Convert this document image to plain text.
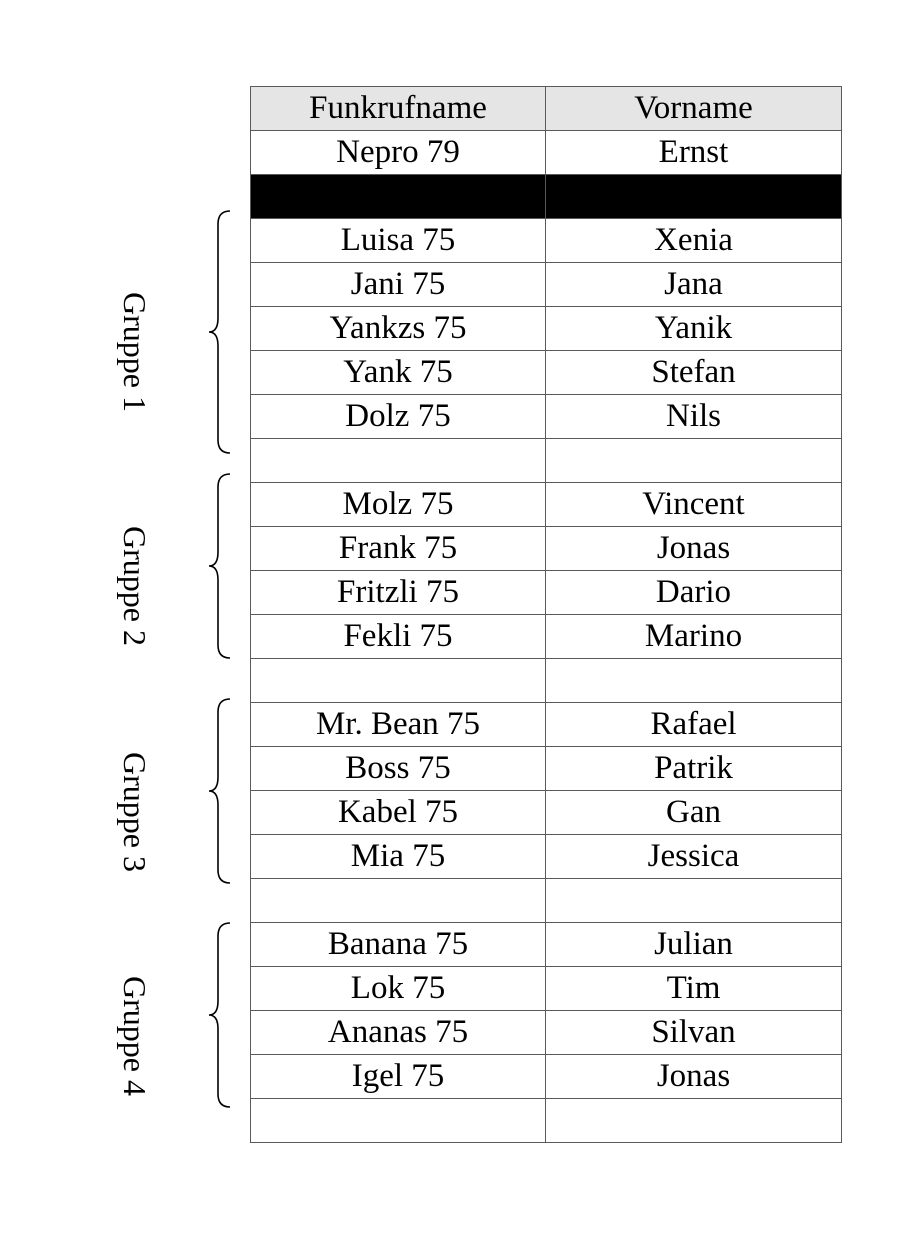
Funkrufname	Vorname
Nepro 79	Ernst

Luisa 75	Xenia
Jani 75	Jana
Yankzs 75	Yanik
Yank 75	Stefan
Dolz 75	Nils

Molz 75	Vincent
Frank 75	Jonas
Fritzli 75	Dario
Fekli 75	Marino

Mr. Bean 75	Rafael
Boss 75	Patrik
Kabel 75	Gan
Mia 75	Jessica

Banana 75	Julian
Lok 75	Tim
Ananas 75	Silvan
Igel 75	Jonas

Gruppe 1
Gruppe 2
Gruppe 3
Gruppe 4
